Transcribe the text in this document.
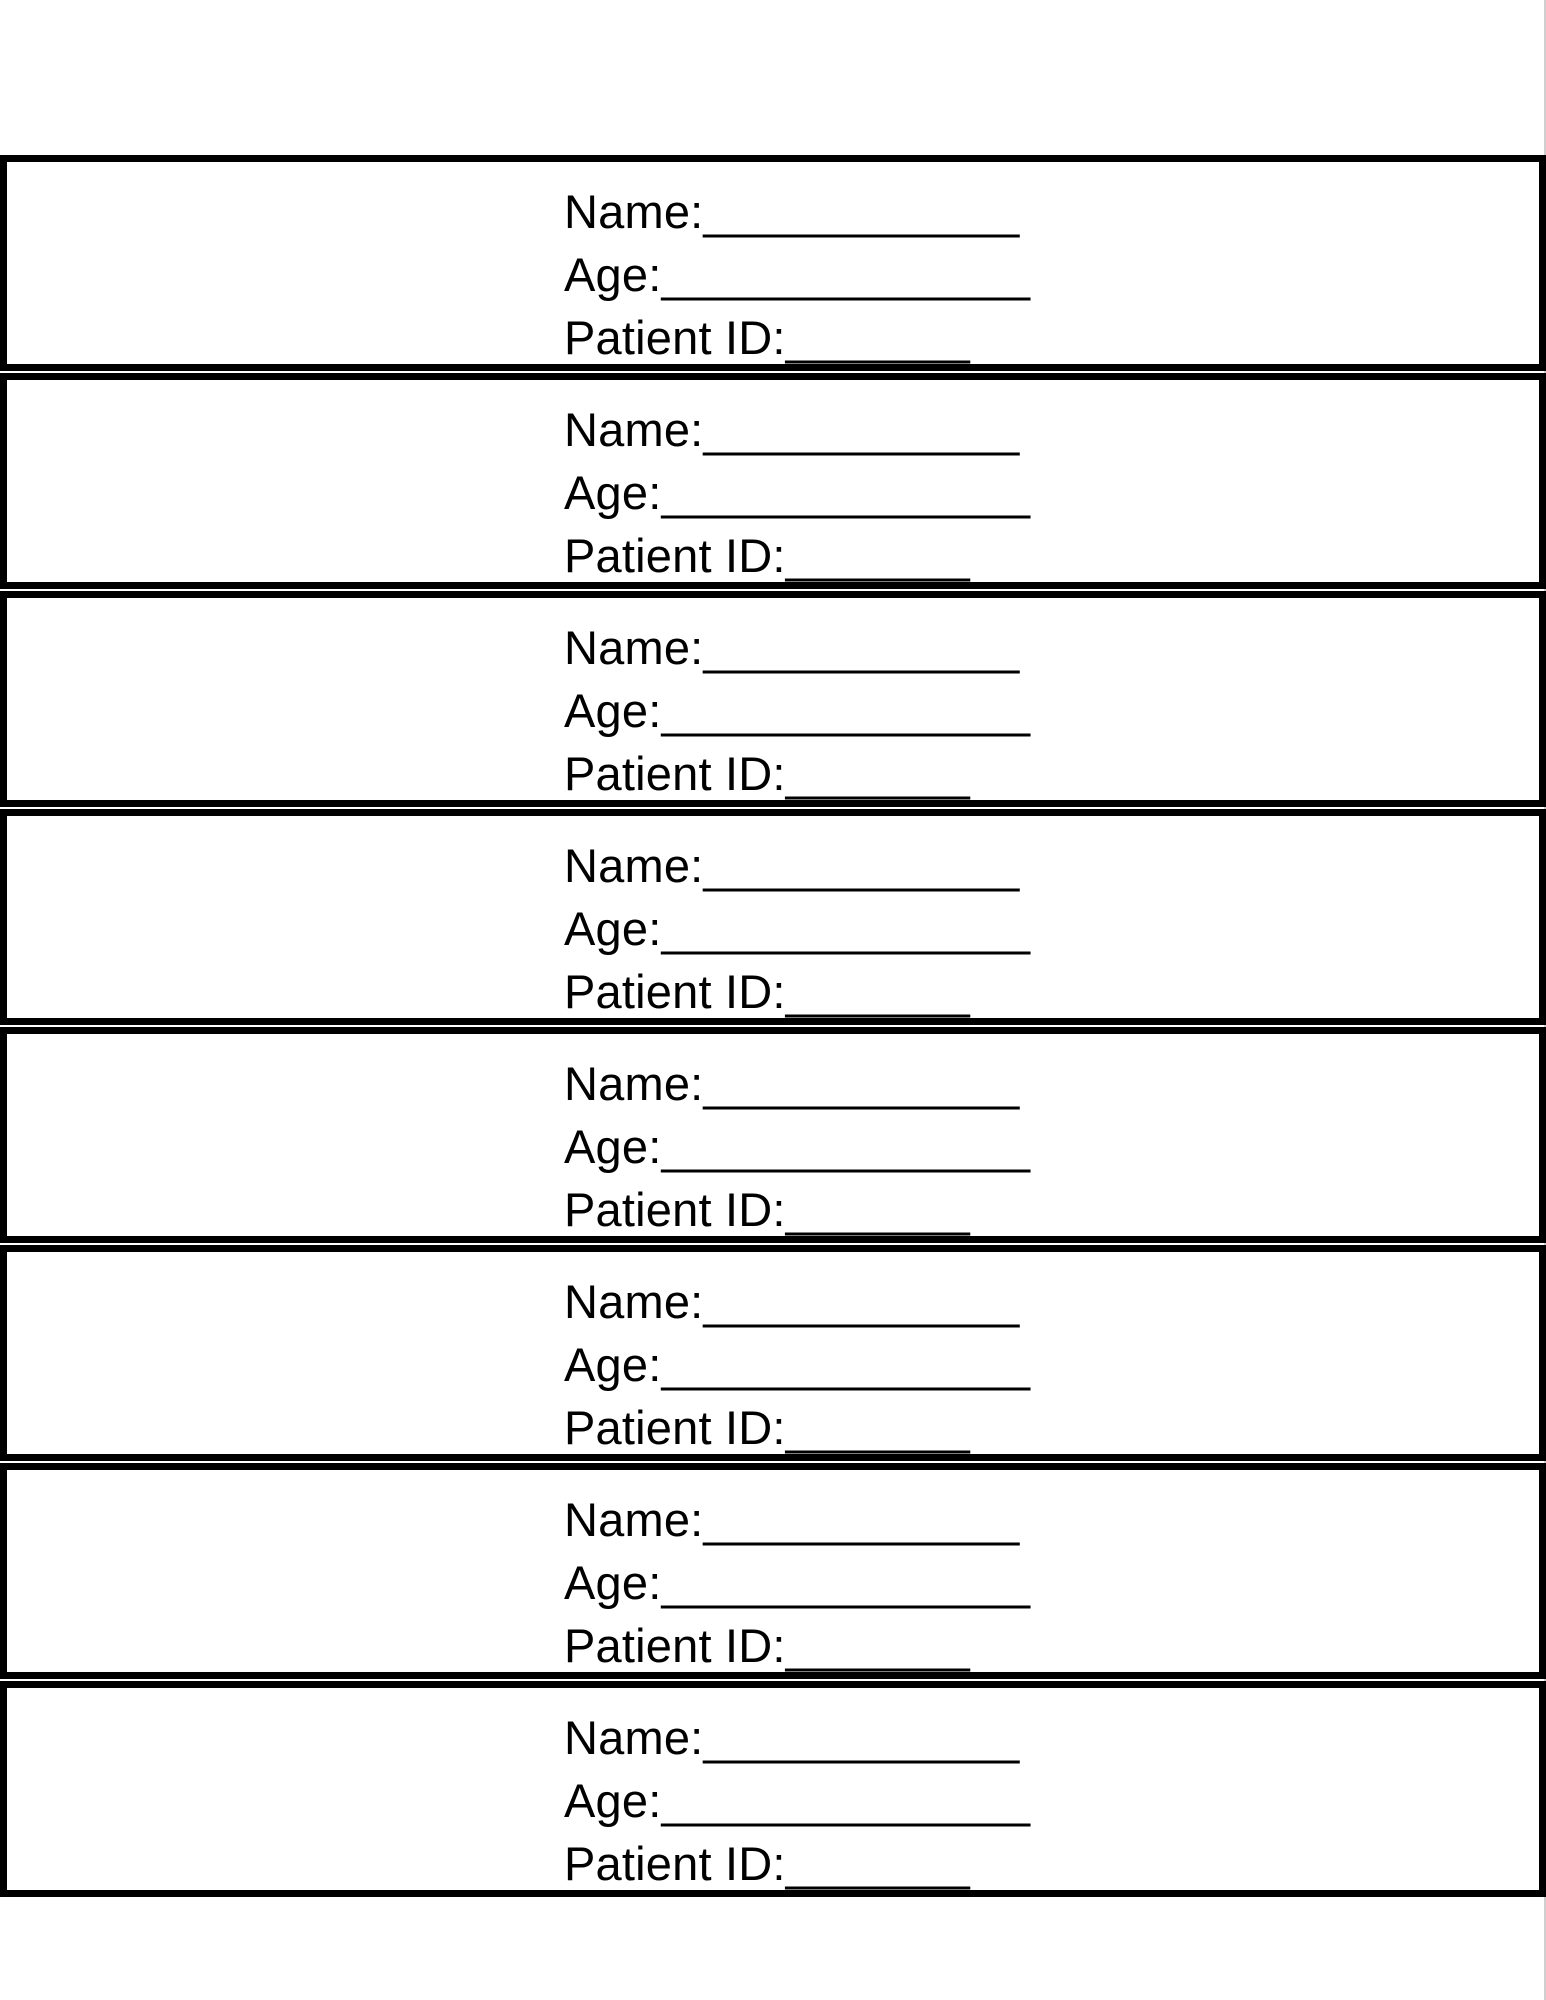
Name:____________
Age:______________
Patient ID:_______
Name:____________
Age:______________
Patient ID:_______
Name:____________
Age:______________
Patient ID:_______
Name:____________
Age:______________
Patient ID:_______
Name:____________
Age:______________
Patient ID:_______
Name:____________
Age:______________
Patient ID:_______
Name:____________
Age:______________
Patient ID:_______
Name:____________
Age:______________
Patient ID:_______
